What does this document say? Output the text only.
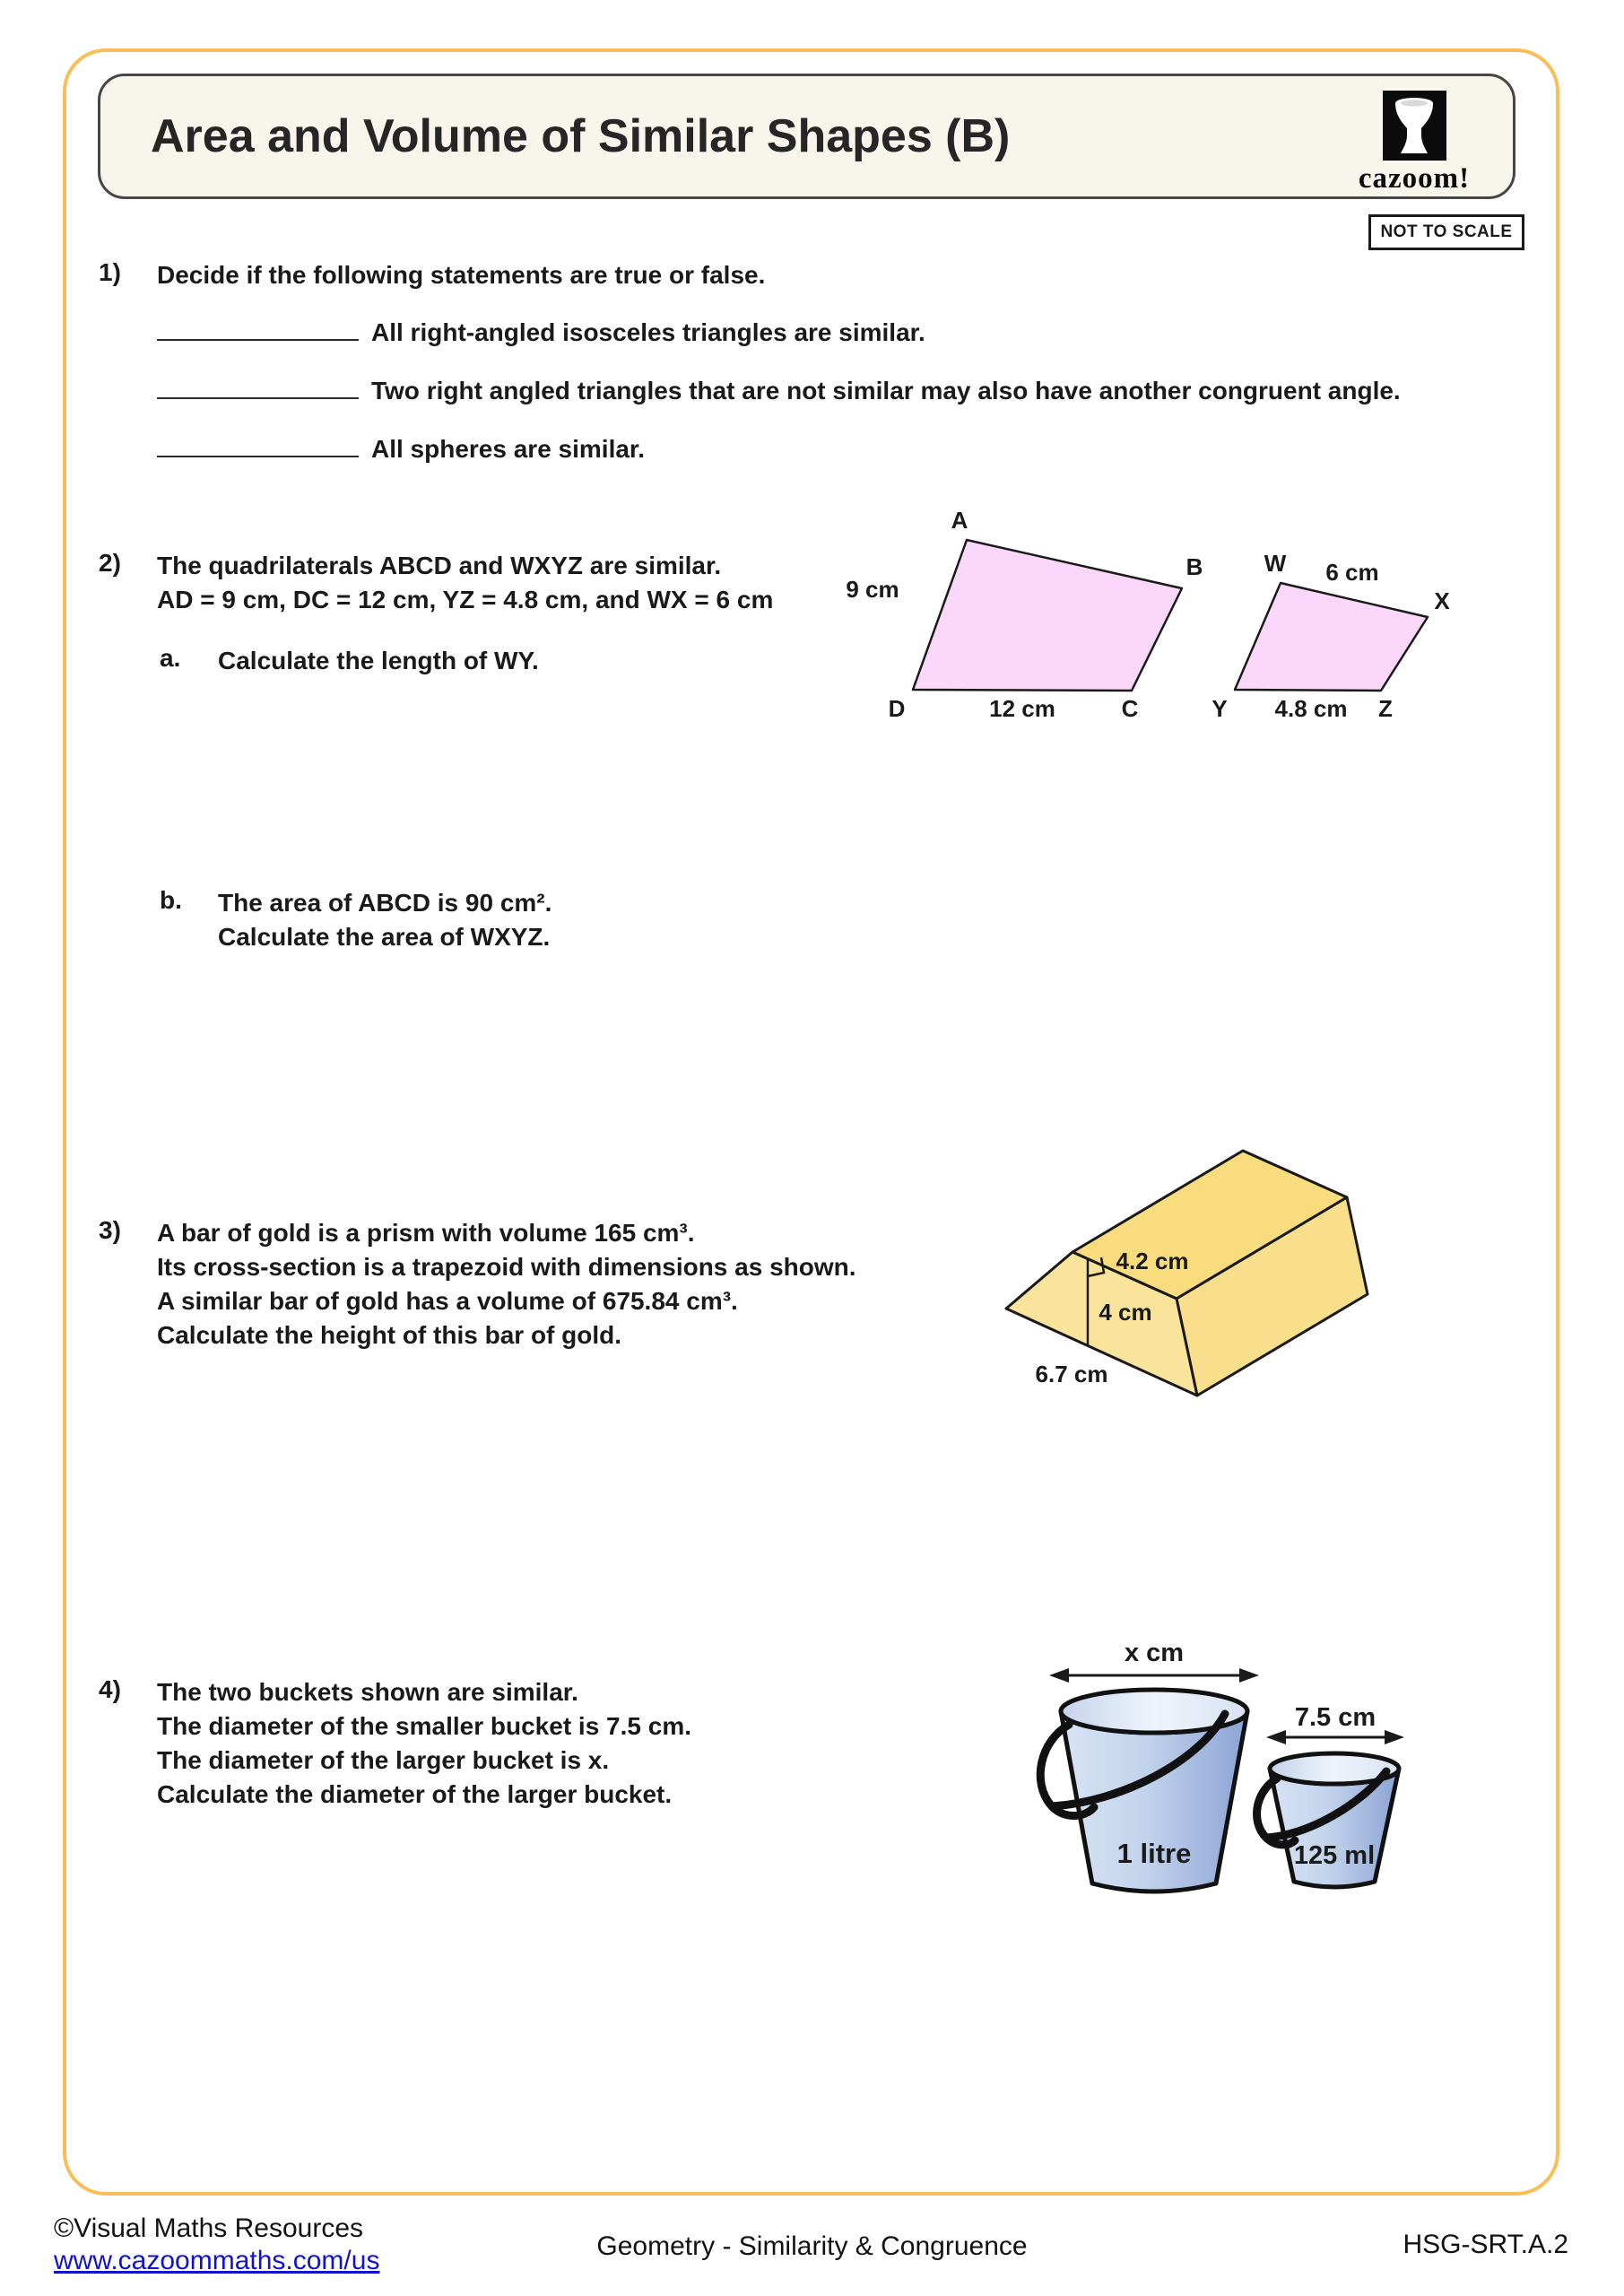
Area and Volume of Similar Shapes (B)
cazoom!
NOT TO SCALE
1) Decide if the following statements are true or false.
All right-angled isosceles triangles are similar.
Two right angled triangles that are not similar may also have another congruent angle.
All spheres are similar.
2) The quadrilaterals ABCD and WXYZ are similar.
AD = 9 cm, DC = 12 cm, YZ = 4.8 cm, and WX = 6 cm
a. Calculate the length of WY.
A
B
C
D
9 cm
12 cm
W
X
Y	Z
6 cm
4.8 cm
b. The area of ABCD is 90 cm².
Calculate the area of WXYZ.
3) A bar of gold is a prism with volume 165 cm³.
Its cross-section is a trapezoid with dimensions as shown.
A similar bar of gold has a volume of 675.84 cm³.
Calculate the height of this bar of gold.
4.2 cm
4 cm
6.7 cm
4) The two buckets shown are similar.
The diameter of the smaller bucket is 7.5 cm.
The diameter of the larger bucket is x.
Calculate the diameter of the larger bucket.
x cm
1 litre
7.5 cm
125 ml
©Visual Maths Resources
www.cazoommaths.com/us	Geometry - Similarity & Congruence	HSG-SRT.A.2
